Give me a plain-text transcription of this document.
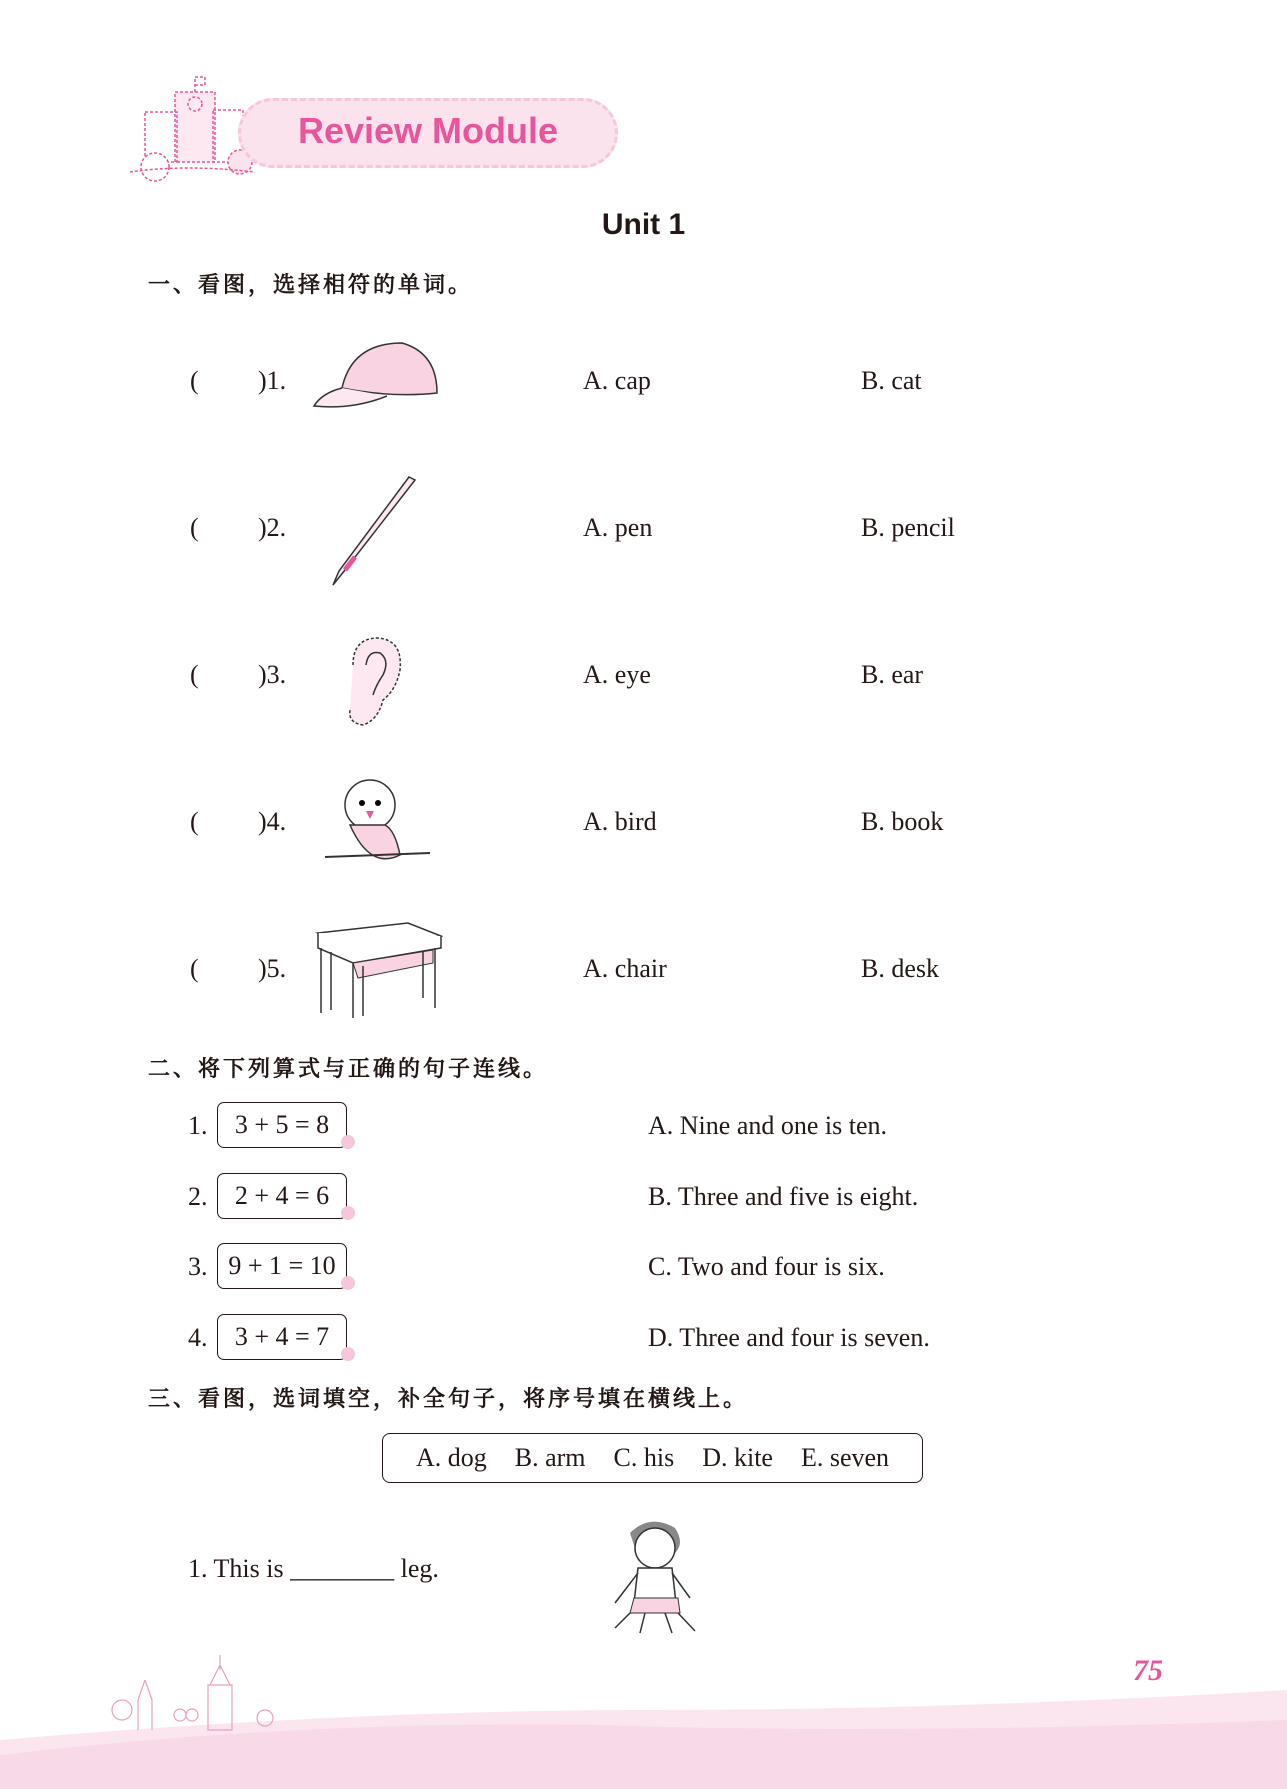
Review Module
Unit 1
一、看图，选择相符的单词。
( )1.	A. cap	B. cat
( )2.	A. pen	B. pencil
( )3.	A. eye	B. ear
( )4.	A. bird	B. book
( )5.	A. chair	B. desk
二、将下列算式与正确的句子连线。
1.	3 + 5 = 8	A. Nine and one is ten.
2.	2 + 4 = 6	B. Three and five is eight.
3. 9 + 1 = 10	C. Two and four is six.
4.	3 + 4 = 7	D. Three and four is seven.
三、看图，选词填空，补全句子，将序号填在横线上。
A. dog B. arm C. his D. kite E. seven
1. This is ________ leg.
75
